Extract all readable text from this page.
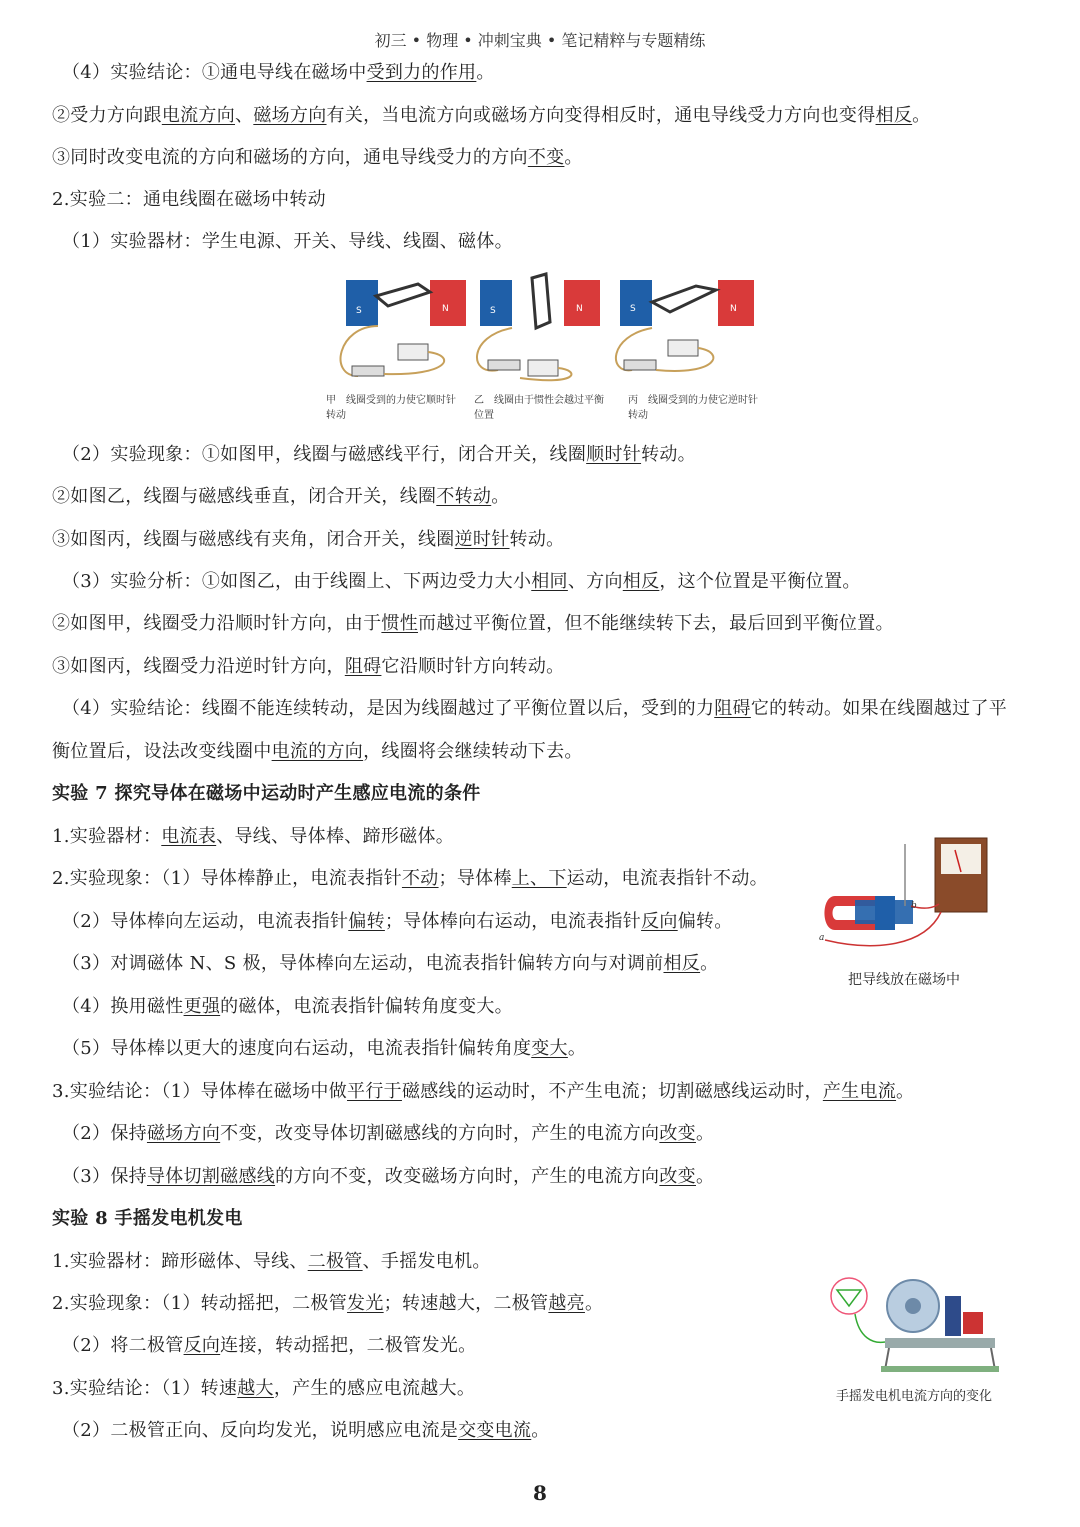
初三 • 物理 • 冲刺宝典 • 笔记精粹与专题精练
（4）实验结论：①通电导线在磁场中受到力的作用。
②受力方向跟电流方向、磁场方向有关，当电流方向或磁场方向变得相反时，通电导线受力方向也变得相反。
③同时改变电流的方向和磁场的方向，通电导线受力的方向不变。
2.实验二：通电线圈在磁场中转动
（1）实验器材：学生电源、开关、导线、线圈、磁体。
S	N	S	N	S	N
甲　线圈受到的力使它顺时针转动
乙　线圈由于惯性会越过平衡位置
丙　线圈受到的力使它逆时针转动
（2）实验现象：①如图甲，线圈与磁感线平行，闭合开关，线圈顺时针转动。
②如图乙，线圈与磁感线垂直，闭合开关，线圈不转动。
③如图丙，线圈与磁感线有夹角，闭合开关，线圈逆时针转动。
（3）实验分析：①如图乙，由于线圈上、下两边受力大小相同、方向相反，这个位置是平衡位置。
②如图甲，线圈受力沿顺时针方向，由于惯性而越过平衡位置，但不能继续转下去，最后回到平衡位置。
③如图丙，线圈受力沿逆时针方向，阻碍它沿顺时针方向转动。
（4）实验结论：线圈不能连续转动，是因为线圈越过了平衡位置以后，受到的力阻碍它的转动。如果在线圈越过了平
衡位置后，设法改变线圈中电流的方向，线圈将会继续转动下去。
实验 7 探究导体在磁场中运动时产生感应电流的条件
1.实验器材：电流表、导线、导体棒、蹄形磁体。
2.实验现象：（1）导体棒静止，电流表指针不动；导体棒上、下运动，电流表指针不动。
（2）导体棒向左运动，电流表指针偏转；导体棒向右运动，电流表指针反向偏转。
（3）对调磁体 N、S 极，导体棒向左运动，电流表指针偏转方向与对调前相反。
（4）换用磁性更强的磁体，电流表指针偏转角度变大。
（5）导体棒以更大的速度向右运动，电流表指针偏转角度变大。
a
b
把导线放在磁场中
3.实验结论：（1）导体棒在磁场中做平行于磁感线的运动时，不产生电流；切割磁感线运动时，产生电流。
（2）保持磁场方向不变，改变导体切割磁感线的方向时，产生的电流方向改变。
（3）保持导体切割磁感线的方向不变，改变磁场方向时，产生的电流方向改变。
实验 8 手摇发电机发电
1.实验器材：蹄形磁体、导线、二极管、手摇发电机。
2.实验现象：（1）转动摇把，二极管发光；转速越大，二极管越亮。
（2）将二极管反向连接，转动摇把，二极管发光。
3.实验结论：（1）转速越大，产生的感应电流越大。
（2）二极管正向、反向均发光，说明感应电流是交变电流。
手摇发电机电流方向的变化
8
